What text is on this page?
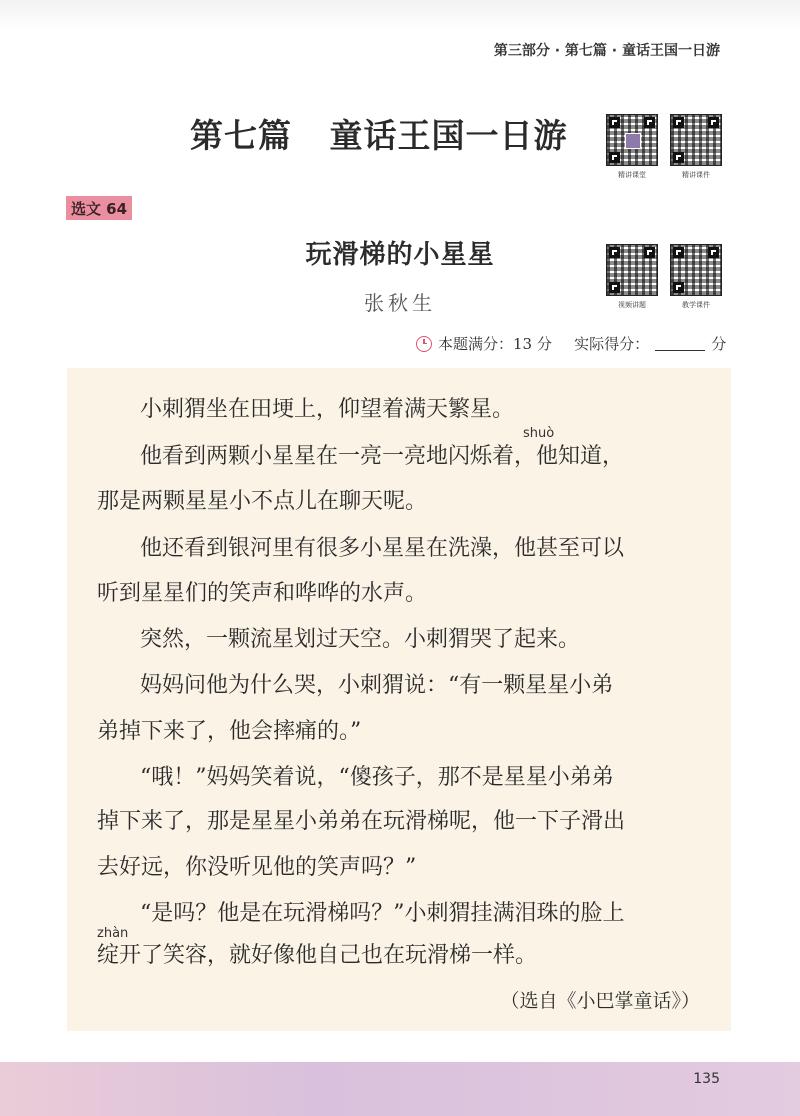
第三部分 · 第七篇 · 童话王国一日游
第七篇   童话王国一日游
精讲课堂	精讲课件
选文 64
玩滑梯的小星星
张秋生	视频讲题	教学课件
本题满分：13 分
实际得分：	分
小刺猬坐在田埂上，仰望着满天繁星。
shuò
他看到两颗小星星在一亮一亮地闪烁着，他知道，
那是两颗星星小不点儿在聊天呢。
他还看到银河里有很多小星星在洗澡，他甚至可以
听到星星们的笑声和哗哗的水声。
突然，一颗流星划过天空。小刺猬哭了起来。
妈妈问他为什么哭，小刺猬说：“有一颗星星小弟
弟掉下来了，他会摔痛的。”
“哦！”妈妈笑着说，“傻孩子，那不是星星小弟弟
掉下来了，那是星星小弟弟在玩滑梯呢，他一下子滑出
去好远，你没听见他的笑声吗？”
“是吗？他是在玩滑梯吗？”小刺猬挂满泪珠的脸上
zhàn
绽开了笑容，就好像他自己也在玩滑梯一样。
（选自《小巴掌童话》）
135
